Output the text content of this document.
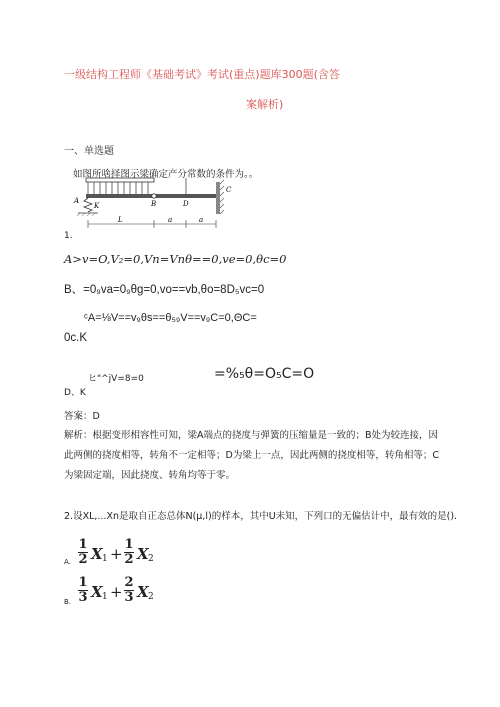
一级结构工程师《基础考试》考试(重点)题库300题(含答
案解析)
一、单选题
如图所啥择图示梁确定产分常数的条件为。。
A
K	B	D
C
L	a	a
1.
A>v=O,V₂=0,Vn=Vnθ==0,ve=0,θc=0
B、=0₉va=0₉θg=0,vo==vb,θo=8D₅vc=0
ᶜA=⅛V==v₉θs==θ₅₉V==v₉C=0,ΘC=
0c.K
ヒ"^jV=8=0	=%₅θ=O₅C=O
D、K
答案：D
解析：根据变形相容性可知，梁A端点的挠度与弹簧的压缩量是一致的；B处为较连接，因此两侧的挠度相等，转角不一定相等；D为梁上一点，因此两侧的挠度相等，转角相等；C为梁固定端，因此挠度、转角均等于零。
2.设XL,...Xn是取自正态总体N(μ,l)的样本，其中U未知，下列口的无偏估计中，最有效的是().
A. $\frac{1}{2}$ X $1 + \frac{1}{2}$ X 2
B. $\frac{1}{3}$ X $1 + \frac{2}{3}$ X 2
